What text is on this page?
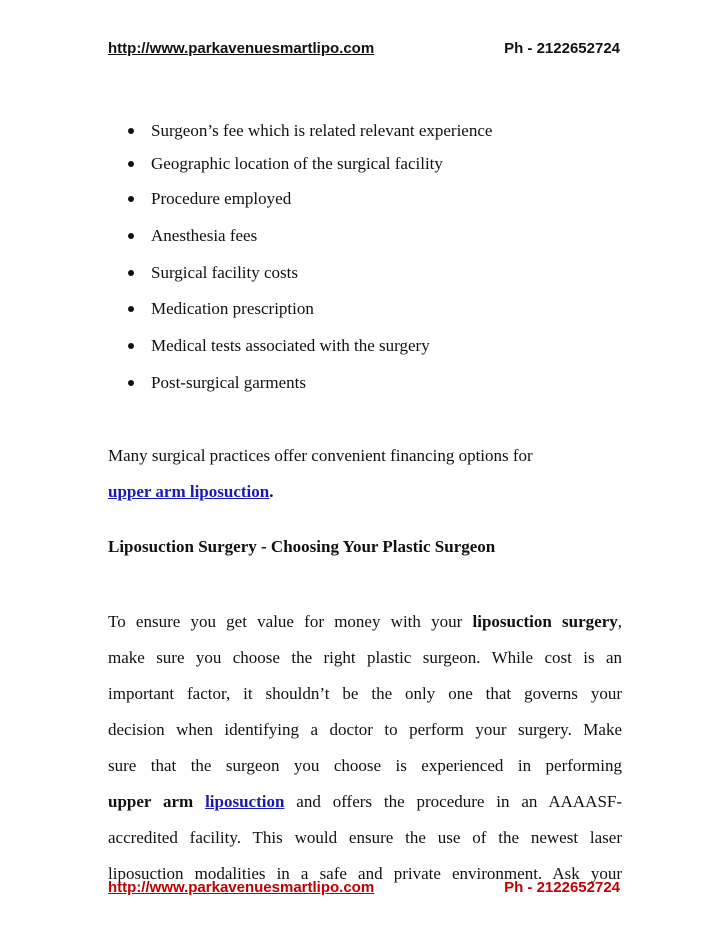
http://www.parkavenuesmartlipo.com	Ph - 2122652724
Surgeon’s fee which is related relevant experience
Geographic location of the surgical facility
Procedure employed
Anesthesia fees
Surgical facility costs
Medication prescription
Medical tests associated with the surgery
Post-surgical garments

Many surgical practices offer convenient financing options for
upper arm liposuction.

Liposuction Surgery - Choosing Your Plastic Surgeon
To ensure you get value for money with your liposuction surgery,
make sure you choose the right plastic surgeon. While cost is an
important factor, it shouldn’t be the only one that governs your
decision when identifying a doctor to perform your surgery. Make
sure that the surgeon you choose is experienced in performing
upper arm liposuction and offers the procedure in an AAAASF-
accredited facility. This would ensure the use of the newest laser
liposuction modalities in a safe and private environment. Ask your
http://www.parkavenuesmartlipo.com	Ph - 2122652724
